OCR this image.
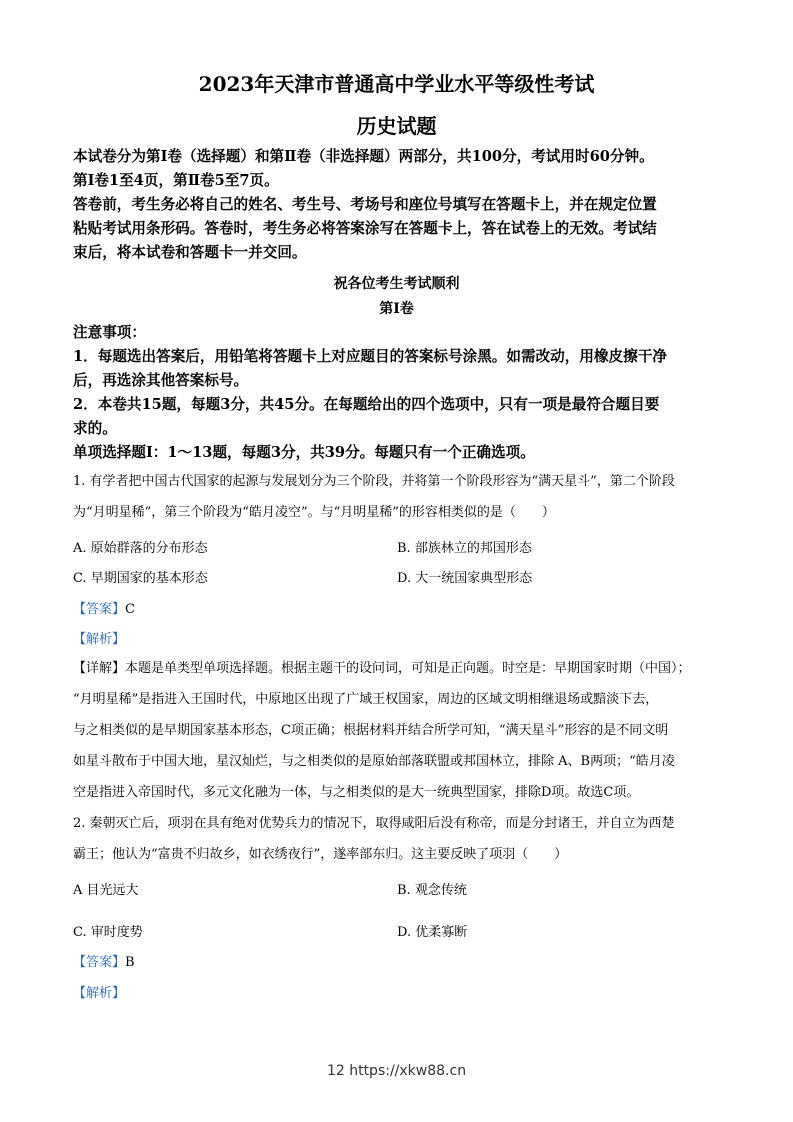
2023年天津市普通高中学业水平等级性考试
历史试题
本试卷分为第Ⅰ卷（选择题）和第Ⅱ卷（非选择题）两部分，共100分，考试用时60分钟。
第Ⅰ卷1至4页，第Ⅱ卷5至7页。
答卷前，考生务必将自己的姓名、考生号、考场号和座位号填写在答题卡上，并在规定位置
粘贴考试用条形码。答卷时，考生务必将答案涂写在答题卡上，答在试卷上的无效。考试结
束后，将本试卷和答题卡一并交回。
祝各位考生考试顺利
第Ⅰ卷
注意事项：
1．每题选出答案后，用铅笔将答题卡上对应题目的答案标号涂黑。如需改动，用橡皮擦干净
后，再选涂其他答案标号。
2．本卷共15题，每题3分，共45分。在每题给出的四个选项中，只有一项是最符合题目要
求的。
单项选择题Ⅰ：1～13题，每题3分，共39分。每题只有一个正确选项。
1. 有学者把中国古代国家的起源与发展划分为三个阶段，并将第一个阶段形容为“满天星斗”，第二个阶段
为“月明星稀”，第三个阶段为“皓月凌空”。与“月明星稀”的形容相类似的是（　　）
A. 原始群落的分布形态	B. 部族林立的邦国形态
C. 早期国家的基本形态	D. 大一统国家典型形态
【答案】C
【解析】
【详解】本题是单类型单项选择题。根据主题干的设问词，可知是正向题。时空是：早期国家时期（中国）；
“月明星稀”是指进入王国时代，中原地区出现了广域王权国家，周边的区域文明相继退场或黯淡下去，
与之相类似的是早期国家基本形态，C项正确；根据材料并结合所学可知，“满天星斗”形容的是不同文明
如星斗散布于中国大地，星汉灿烂，与之相类似的是原始部落联盟或邦国林立，排除 A、B两项；“皓月凌
空是指进入帝国时代，多元文化融为一体，与之相类似的是大一统典型国家，排除D项。故选C项。
2. 秦朝灭亡后，项羽在具有绝对优势兵力的情况下，取得咸阳后没有称帝，而是分封诸王，并自立为西楚
霸王；他认为“富贵不归故乡，如衣绣夜行”，遂率部东归。这主要反映了项羽（　　）
A 目光远大	B. 观念传统
C. 审时度势	D. 优柔寡断
【答案】B
【解析】
12 https://xkw88.cn
